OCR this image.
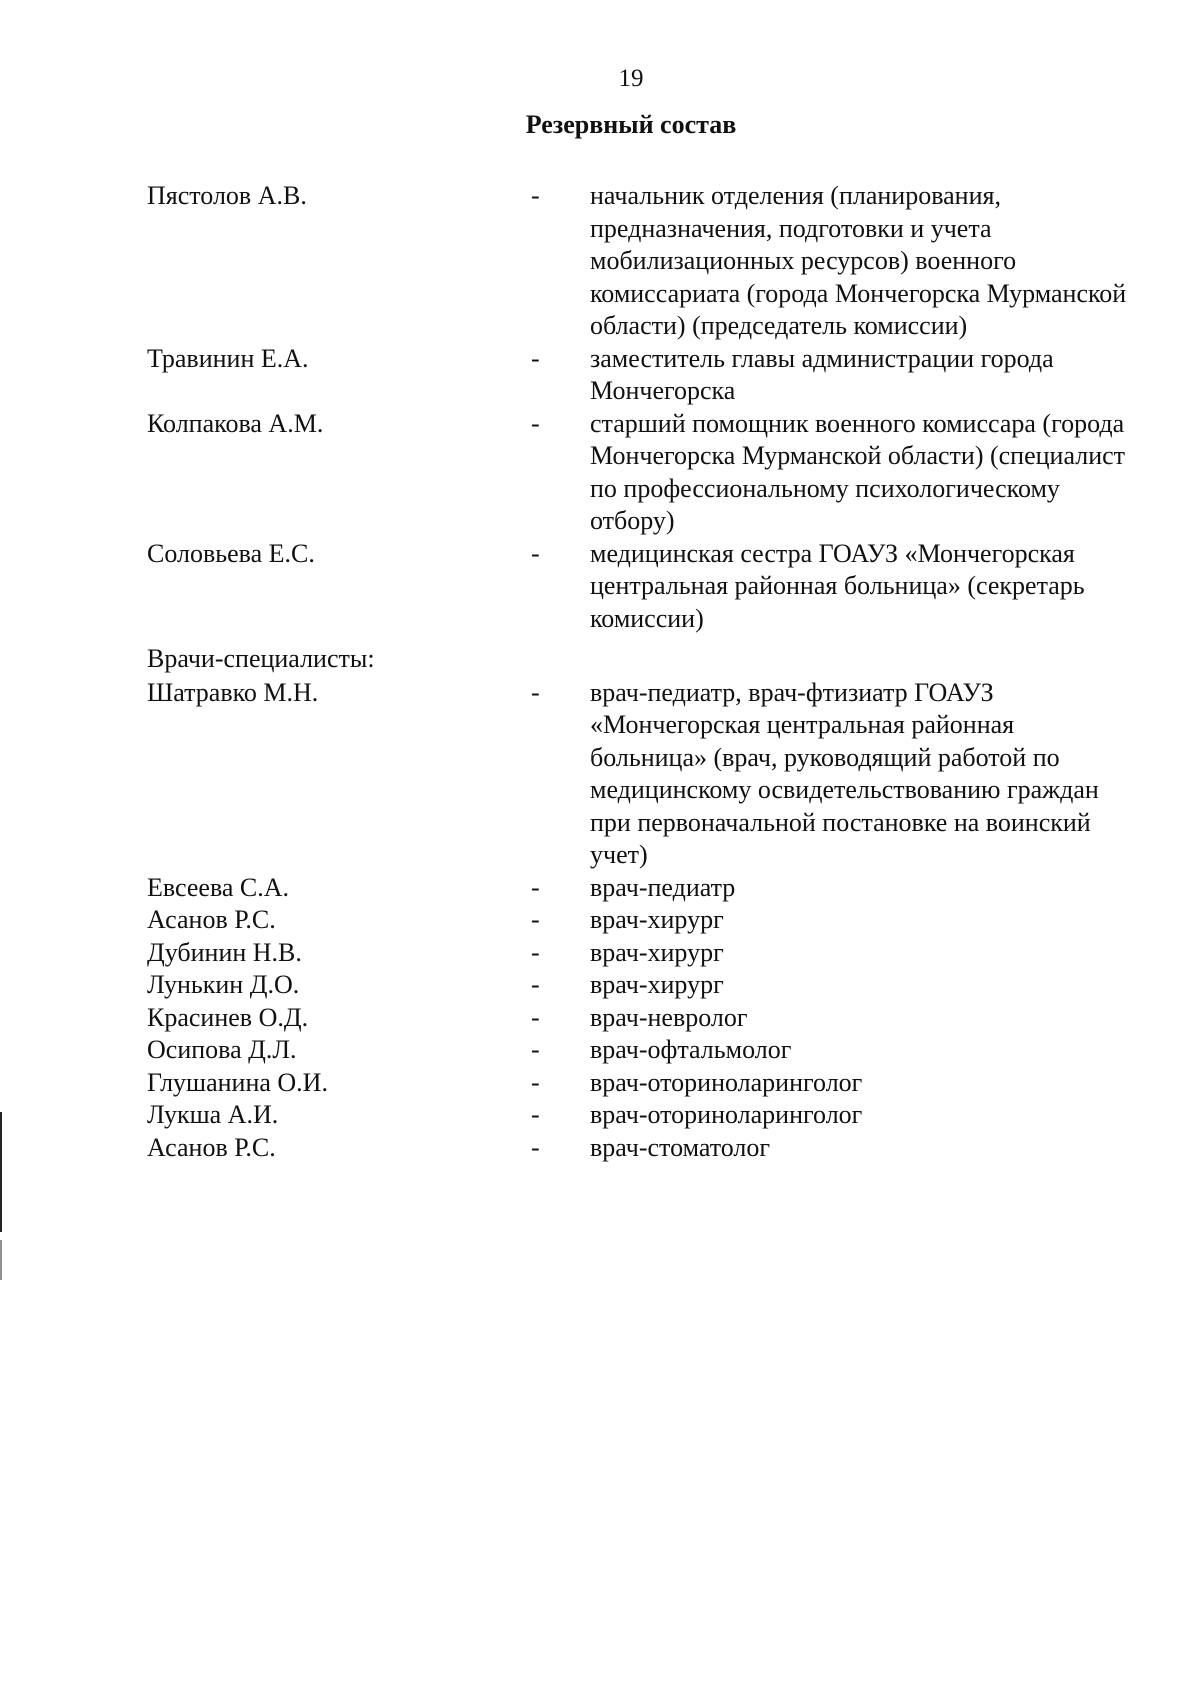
19
Резервный состав
Пястолов А.В.	- начальник отделения (планирования, предназначения, подготовки и учета мобилизационных ресурсов) военного комиссариата (города Мончегорска Мурманской области) (председатель комиссии)
Травинин Е.А.	- заместитель главы администрации города Мончегорска
Колпакова А.М.	- старший помощник военного комиссара (города Мончегорска Мурманской области) (специалист по профессиональному психологическому отбору)
Соловьева Е.С.	- медицинская сестра ГОАУЗ «Мончегорская центральная районная больница» (секретарь комиссии)
Врачи-специалисты:
Шатравко М.Н.	- врач-педиатр, врач-фтизиатр ГОАУЗ «Мончегорская центральная районная больница» (врач, руководящий работой по медицинскому освидетельствованию граждан при первоначальной постановке на воинский учет)
Евсеева С.А.	- врач-педиатр
Асанов Р.С.	- врач-хирург
Дубинин Н.В.	- врач-хирург
Лунькин Д.О.	- врач-хирург
Красинев О.Д.	- врач-невролог
Осипова Д.Л.	- врач-офтальмолог
Глушанина О.И.	- врач-оториноларинголог
Лукша А.И.	- врач-оториноларинголог
Асанов Р.С.	- врач-стоматолог
